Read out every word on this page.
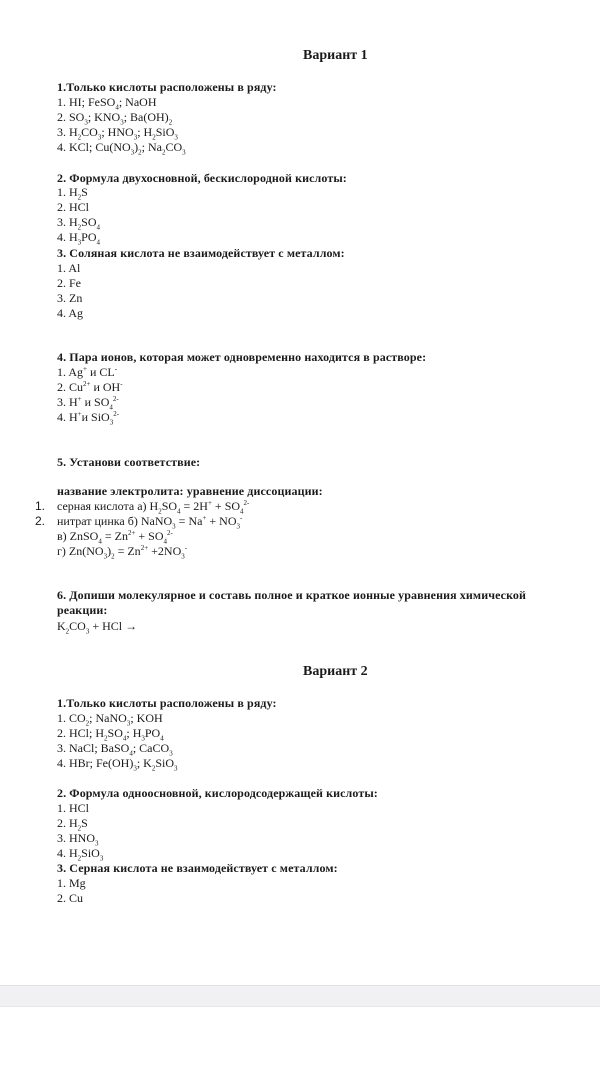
Вариант 1
1.Только кислоты расположены в ряду:
1. HI; FeSO$_4$; NaOH
2. $SO_3$; $KNO_3$; $Ba(OH)_2$
3. $H_2CO_3$; $HNO_3$; $H_2SiO_3$
4. KCl; $Cu(NO_3)_2$; $Na_2CO_3$
2. Формула двухосновной, бескислородной кислоты:
1. $H_2S$
2. HCl
3. $H_2SO_4$
4. $H_3PO_4$
3. Соляная кислота не взаимодействует с металлом:
1. Al
2. Fe
3. Zn
4. Ag
4. Пара ионов, которая может одновременно находится в растворе:
1. Ag+ и CL-
2. $Cu^{2+}$ и OH-
3. H+ и $SO_4^{2-}$
4. H+и SiO$_3^{2-}$
5. Установи соответствие:
название электролита: уравнение диссоциации:
1. серная кислота а) $H_2SO_4 = 2H^+ + SO_4^{2-}$
2. нитрат цинка б) NaNO$_3$ = $Na^+ + NO_3^-$
в) ZnSO$_4$ = $Zn^{2+} + SO_4^{2-}$
г) $Zn(NO_3)_2 = Zn^{2+} +2NO_3^-$
6. Допиши молекулярное и составь полное и краткое ионные уравнения химической
реакции:
$K_2CO_3$ + HCl →
Вариант 2
1.Только кислоты расположены в ряду:
1. $CO_2$; NaNO$_3$; KOH
2. HCl; $H_2SO_4$; $H_3PO_4$
3. NaCl; BaSO$_4$; CaCO$_3$
4. HBr; $Fe(OH)_3$; $K_2SiO_3$
2. Формула одноосновной, кислородсодержащей кислоты:
1. HCl
2. $H_2S$
3. $HNO_3$
4. $H_2SiO_3$
3. Серная кислота не взаимодействует с металлом:
1. Mg
2. Cu
